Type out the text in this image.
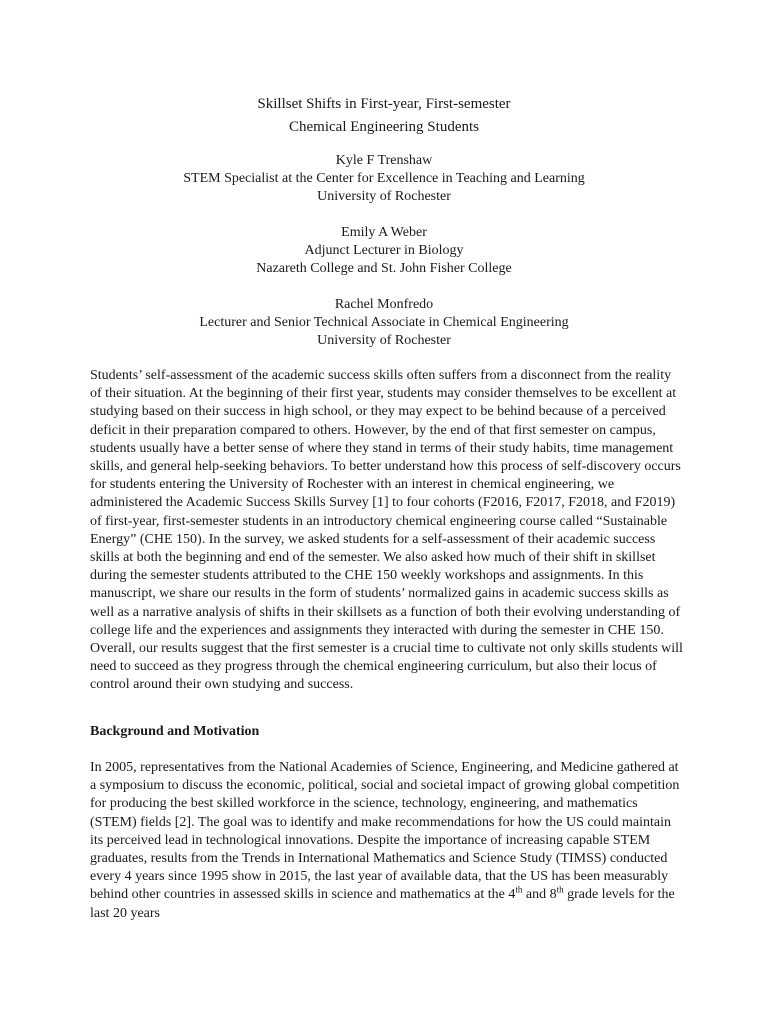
Skillset Shifts in First-year, First-semester
Chemical Engineering Students
Kyle F Trenshaw
STEM Specialist at the Center for Excellence in Teaching and Learning
University of Rochester
Emily A Weber
Adjunct Lecturer in Biology
Nazareth College and St. John Fisher College
Rachel Monfredo
Lecturer and Senior Technical Associate in Chemical Engineering
University of Rochester

Students’ self-assessment of the academic success skills often suffers from a disconnect from the reality of their situation. At the beginning of their first year, students may consider themselves to be excellent at studying based on their success in high school, or they may expect to be behind because of a perceived deficit in their preparation compared to others. However, by the end of that first semester on campus, students usually have a better sense of where they stand in terms of their study habits, time management skills, and general help-seeking behaviors. To better understand how this process of self-discovery occurs for students entering the University of Rochester with an interest in chemical engineering, we administered the Academic Success Skills Survey [1] to four cohorts (F2016, F2017, F2018, and F2019) of first-year, first-semester students in an introductory chemical engineering course called “Sustainable Energy” (CHE 150). In the survey, we asked students for a self-assessment of their academic success skills at both the beginning and end of the semester. We also asked how much of their shift in skillset during the semester students attributed to the CHE 150 weekly workshops and assignments. In this manuscript, we share our results in the form of students’ normalized gains in academic success skills as well as a narrative analysis of shifts in their skillsets as a function of both their evolving understanding of college life and the experiences and assignments they interacted with during the semester in CHE 150. Overall, our results suggest that the first semester is a crucial time to cultivate not only skills students will need to succeed as they progress through the chemical engineering curriculum, but also their locus of control around their own studying and success.

Background and Motivation

In 2005, representatives from the National Academies of Science, Engineering, and Medicine gathered at a symposium to discuss the economic, political, social and societal impact of growing global competition for producing the best skilled workforce in the science, technology, engineering, and mathematics (STEM) fields [2]. The goal was to identify and make recommendations for how the US could maintain its perceived lead in technological innovations. Despite the importance of increasing capable STEM graduates, results from the Trends in International Mathematics and Science Study (TIMSS) conducted every 4 years since 1995 show in 2015, the last year of available data, that the US has been measurably behind other countries in assessed skills in science and mathematics at the 4th and 8th grade levels for the last 20 years
